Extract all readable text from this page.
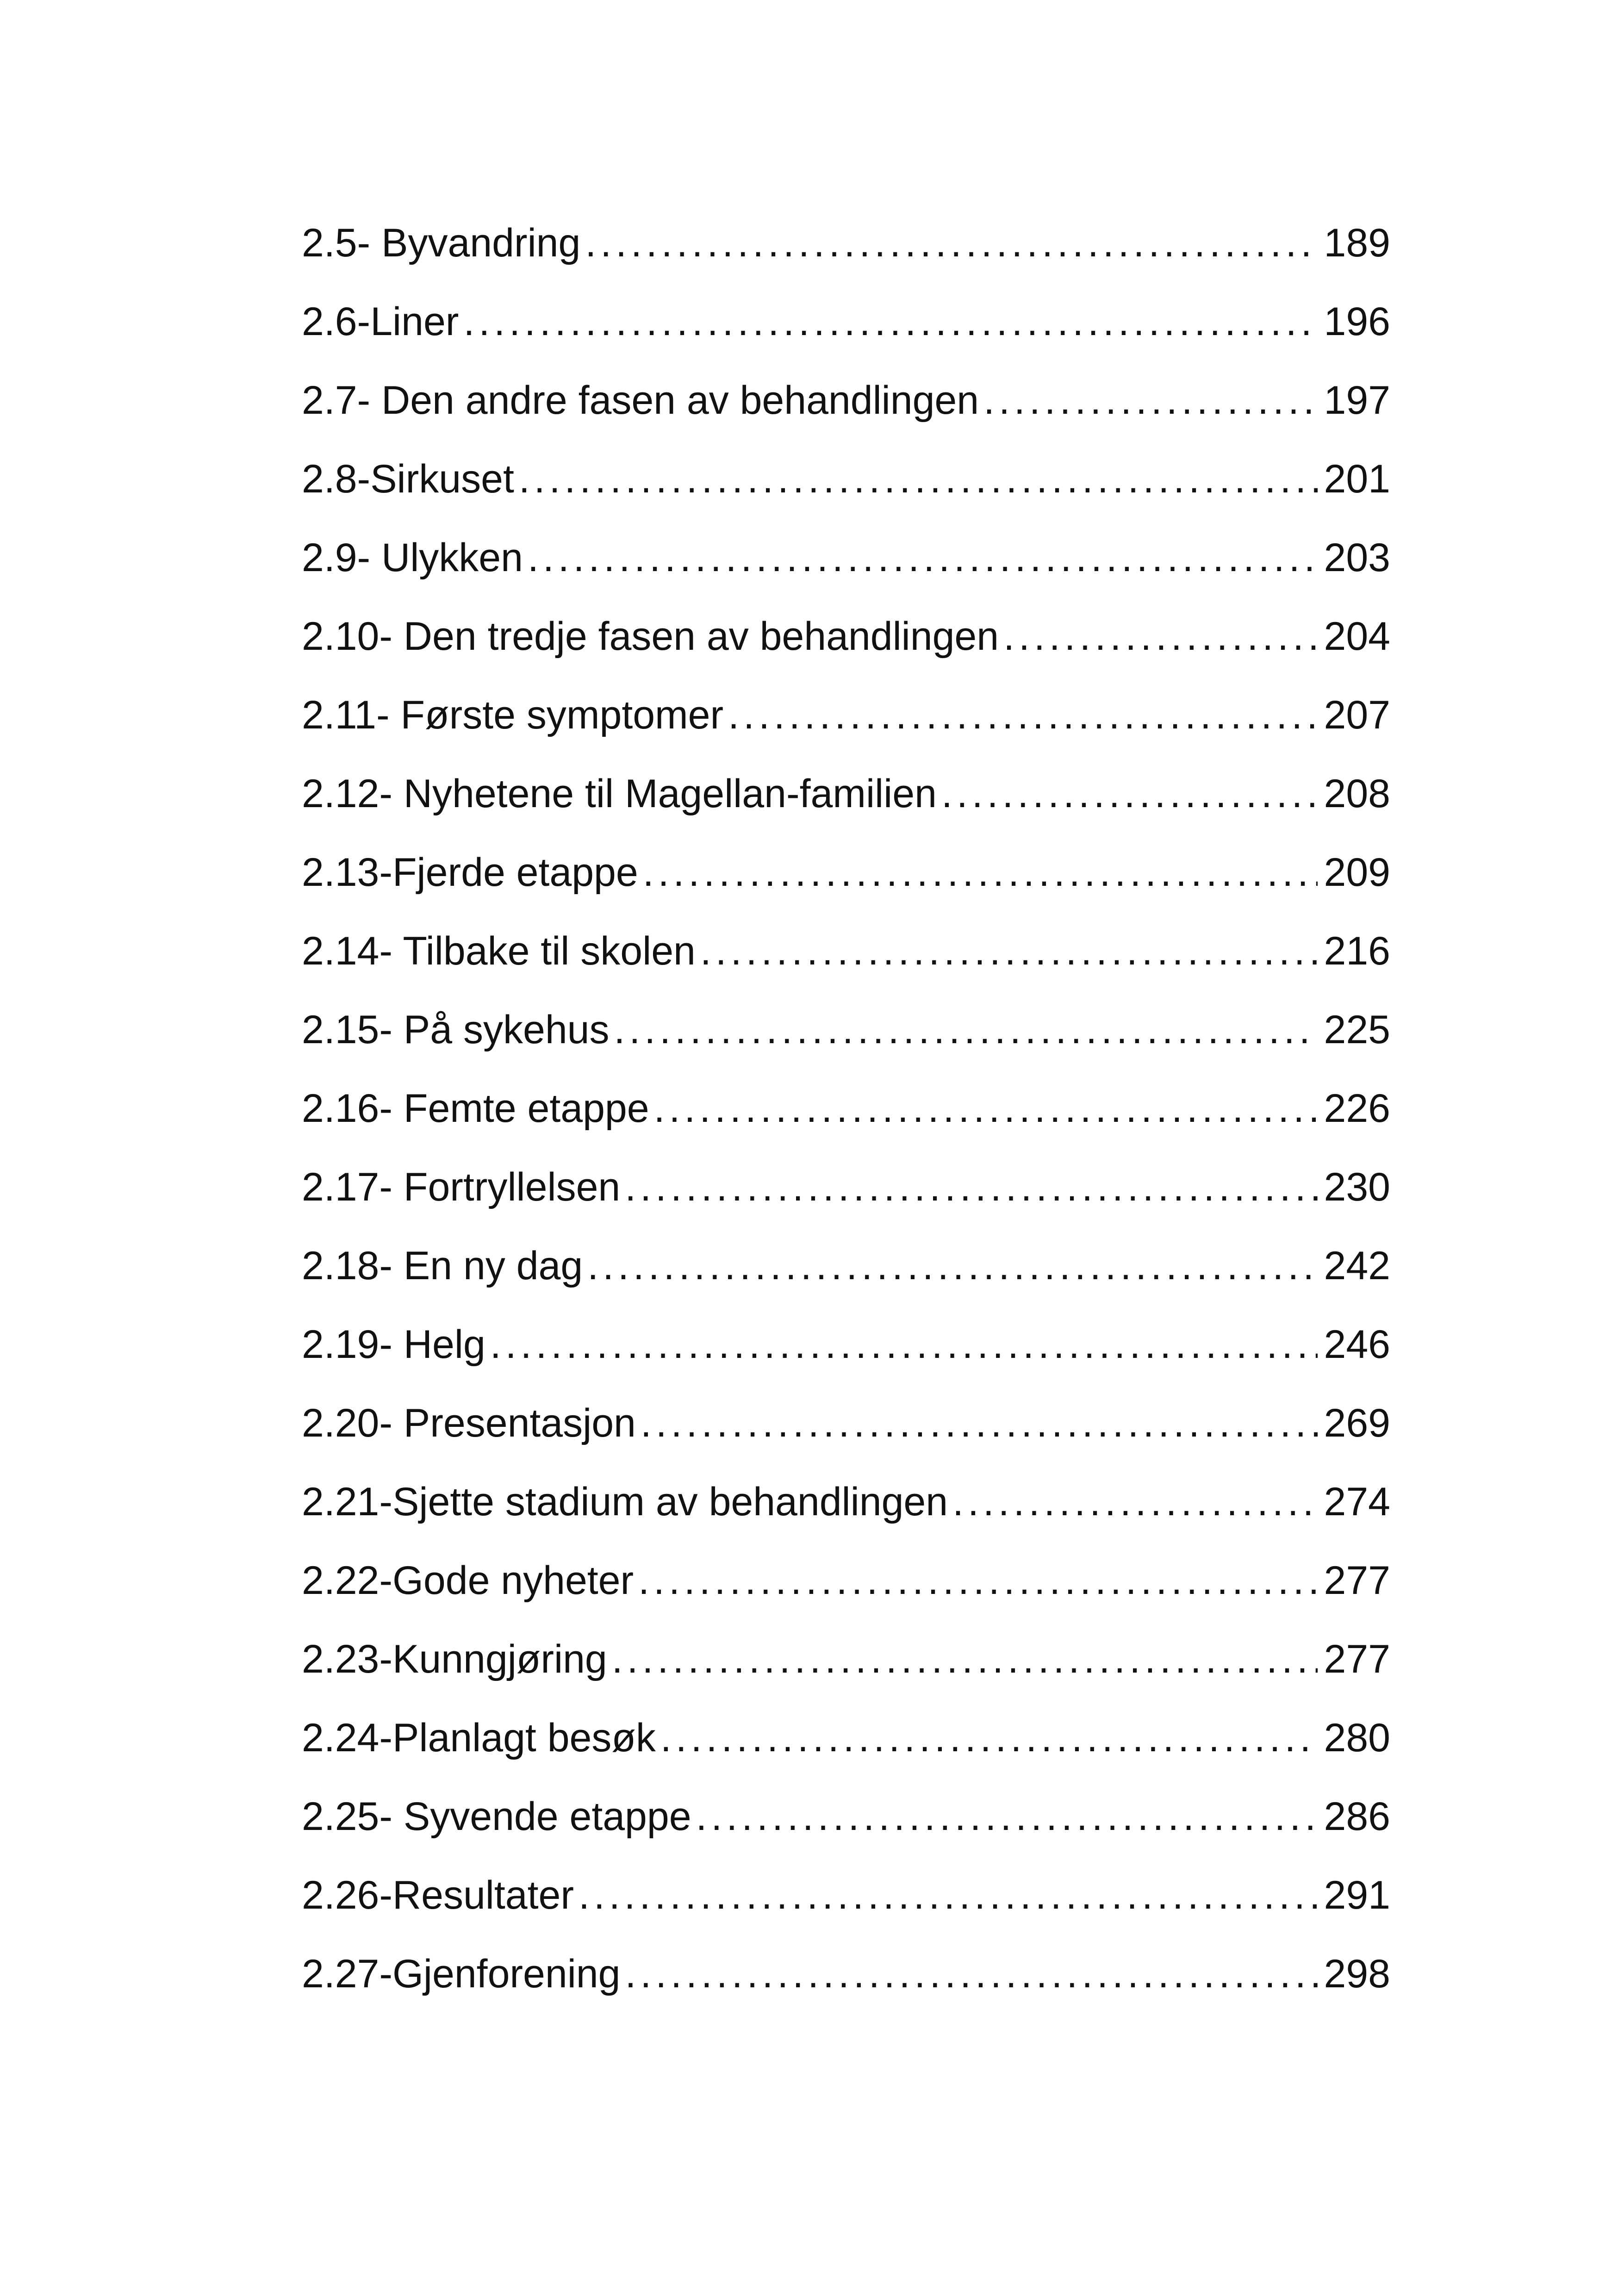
2.5- Byvandring .....	189
2.6-Liner .....	196
2.7- Den andre fasen av behandlingen .....	197
2.8-Sirkuset .....	201
2.9- Ulykken .....	203
2.10- Den tredje fasen av behandlingen .....	204
2.11- Første symptomer .....	207
2.12- Nyhetene til Magellan-familien .....	208
2.13-Fjerde etappe .....	209
2.14- Tilbake til skolen .....	216
2.15- På sykehus .....	225
2.16- Femte etappe .....	226
2.17- Fortryllelsen .....	230
2.18- En ny dag .....	242
2.19- Helg .....	246
2.20- Presentasjon .....	269
2.21-Sjette stadium av behandlingen .....	274
2.22-Gode nyheter .....	277
2.23-Kunngjøring .....	277
2.24-Planlagt besøk .....	280
2.25- Syvende etappe .....	286
2.26-Resultater .....	291
2.27-Gjenforening .....	298
